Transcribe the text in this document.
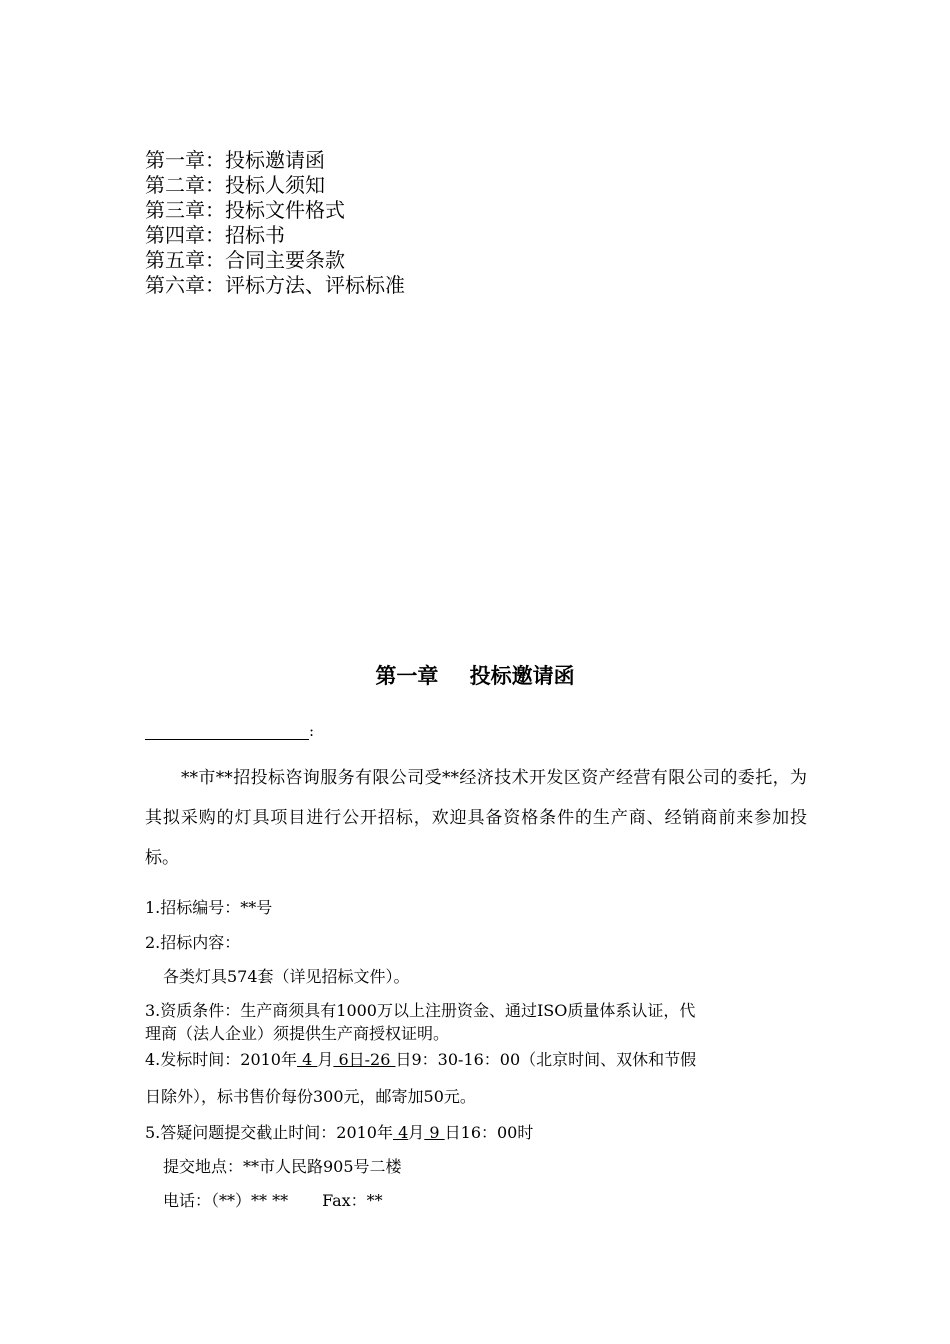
第一章：投标邀请函
第二章：投标人须知
第三章：投标文件格式
第四章：招标书
第五章：合同主要条款
第六章：评标方法、评标标准
第一章 投标邀请函
:
**市**招投标咨询服务有限公司受**经济技术开发区资产经营有限公司的委托，为其拟采购的灯具项目进行公开招标，欢迎具备资格条件的生产商、经销商前来参加投标。
1.招标编号：**号
2.招标内容：
各类灯具574套（详见招标文件）。
3.资质条件：生产商须具有1000万以上注册资金、通过ISO质量体系认证，代
理商（法人企业）须提供生产商授权证明。
4.发标时间：2010年 4 月 6日-26 日9：30-16：00（北京时间、双休和节假
日除外），标书售价每份300元，邮寄加50元。
5.答疑问题提交截止时间：2010年 4月 9 日16：00时
提交地点：**市人民路905号二楼
电话：（**）** ** Fax：**
